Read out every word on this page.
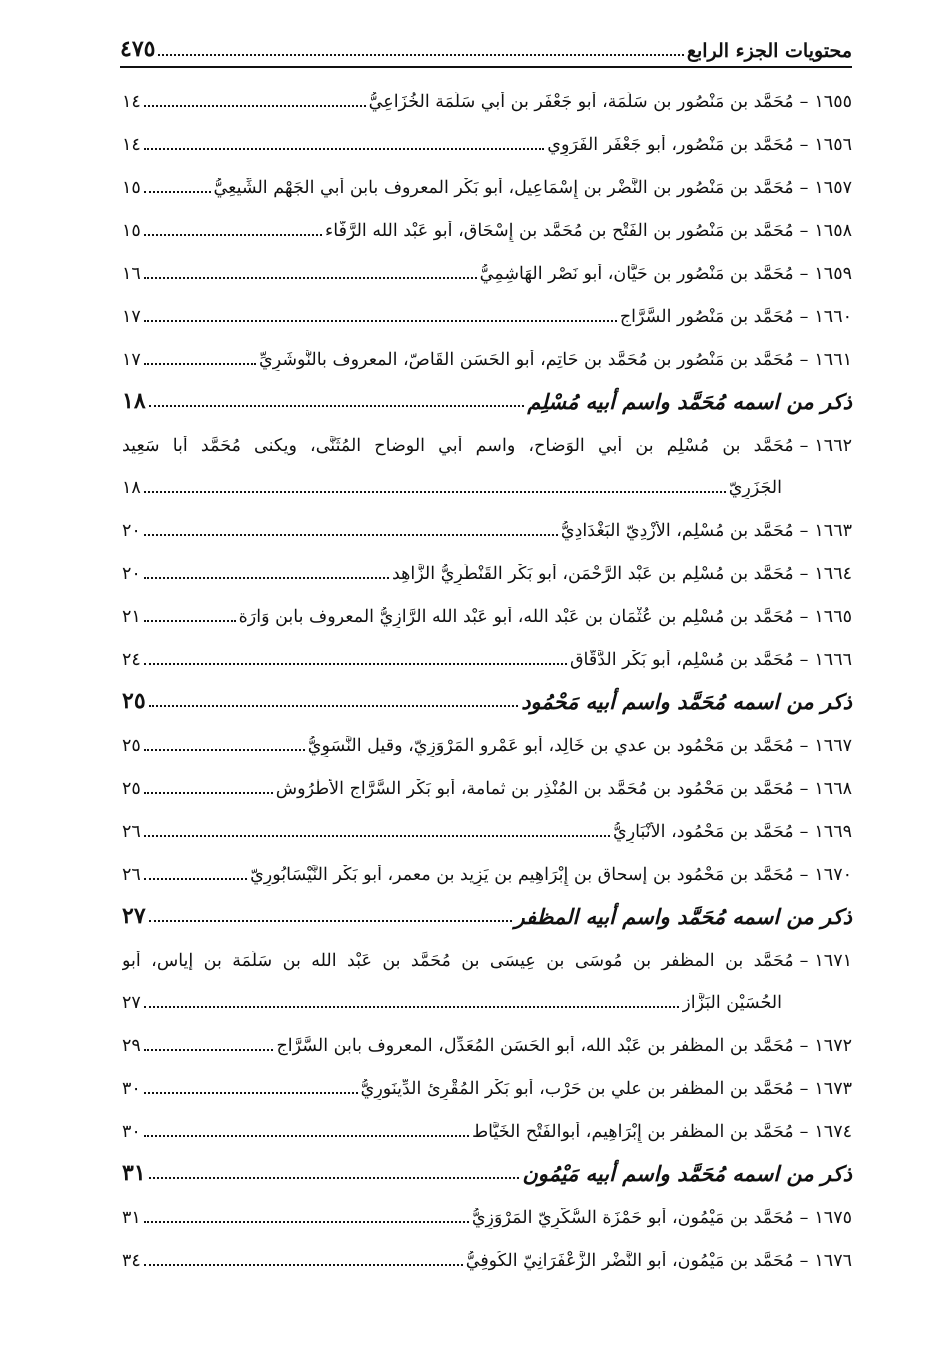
محتويات الجزء الرابع
٤٧٥
١٦٥٥
–
مُحَمَّد بن مَنْصُور بن سَلَمَة، أبو جَعْفَر بن أبي سَلَمَة الخُزَاعِيُّ
١٤
١٦٥٦
–
مُحَمَّد بن مَنْصُور، أبو جَعْفَر الفَرَوِي
١٤
١٦٥٧
–
مُحَمَّد بن مَنْصُور بن النَّضْر بن إِسْمَاعِيل، أبو بَكْر المعروف بابن أبي الجَهْم الشِّيعِيُّ
١٥
١٦٥٨
–
مُحَمَّد بن مَنْصُور بن الفَتْح بن مُحَمَّد بن إِسْحَاق، أبو عَبْد الله الرَّفَّاء
١٥
١٦٥٩
–
مُحَمَّد بن مَنْصُور بن حَيَّان، أبو نَصْر الهَاشِمِيُّ
١٦
١٦٦٠
–
مُحَمَّد بن مَنْصُور السَّرَّاج
١٧
١٦٦١
–
مُحَمَّد بن مَنْصُور بن مُحَمَّد بن حَاتِم، أبو الحَسَن القَاصّ، المعروف بالنُّوشَرِيِّ
١٧
ذكر من اسمه مُحَمَّد واسم أبيه مُسْلِم
١٨
١٦٦٢
–
مُحَمَّد بن مُسْلِم بن أبي الوَضاح، واسم أبي الوضاح المُثَنَّى، ويكنى مُحَمَّد أبا سَعِيد
الجَزَرِيّ
١٨
١٦٦٣
–
مُحَمَّد بن مُسْلِم، الأَزْدِيّ البَغْدَادِيُّ
٢٠
١٦٦٤
–
مُحَمَّد بن مُسْلِم بن عَبْد الرَّحْمَن، أبو بَكْر القَنْطَرِيُّ الزَّاهِد
٢٠
١٦٦٥
–
مُحَمَّد بن مُسْلِم بن عُثْمَان بن عَبْد الله، أبو عَبْد الله الرَّازِيُّ المعروف بابن وَارَة
٢١
١٦٦٦
–
مُحَمَّد بن مُسْلِم، أبو بَكْر الدَّقَّاق
٢٤
ذكر من اسمه مُحَمَّد واسم أبيه مَحْمُود
٢٥
١٦٦٧
–
مُحَمَّد بن مَحْمُود بن عدي بن خَالِد، أبو عَمْرو المَرْوَزِيّ، وقيل النَّسَوِيُّ
٢٥
١٦٦٨
–
مُحَمَّد بن مَحْمُود بن مُحَمَّد بن المُنْذِر بن ثمامة، أبو بَكْر السَّرَّاج الأَطْرُوش
٢٥
١٦٦٩
–
مُحَمَّد بن مَحْمُود، الأَنْبَارِيُّ
٢٦
١٦٧٠
–
مُحَمَّد بن مَحْمُود بن إسحاق بن إِبْرَاهِيم بن يَزِيد بن معمر، أبو بَكْر النَّيْسَابُورِيّ
٢٦
ذكر من اسمه مُحَمَّد واسم أبيه المظفر
٢٧
١٦٧١
–
مُحَمَّد بن المظفر بن مُوسَى بن عِيسَى بن مُحَمَّد بن عَبْد الله بن سَلَمَة بن إياس، أبو
الحُسَيْن البَزَّاز
٢٧
١٦٧٢
–
مُحَمَّد بن المظفر بن عَبْد الله، أبو الحَسَن المُعَدِّل، المعروف بابن السَّرَّاج
٢٩
١٦٧٣
–
مُحَمَّد بن المظفر بن علي بن حَرْب، أبو بَكْر المُقْرِئ الدِّينَورِيُّ
٣٠
١٦٧٤
–
مُحَمَّد بن المظفر بن إِبْرَاهِيم، أبوالفَتْح الخَيَّاط
٣٠
ذكر من اسمه مُحَمَّد واسم أبيه مَيْمُون
٣١
١٦٧٥
–
مُحَمَّد بن مَيْمُون، أبو حَمْزَة السُّكَّرِيّ المَرْوَزِيُّ
٣١
١٦٧٦
–
مُحَمَّد بن مَيْمُون، أبو النَّضْر الزَّعْفَرَانِيّ الكُوفِيُّ
٣٤
